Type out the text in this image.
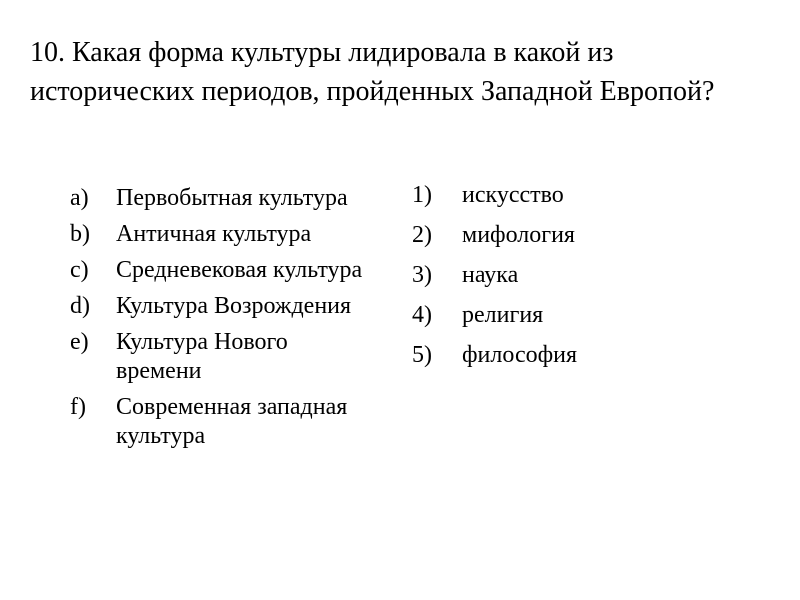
10. Какая форма культуры лидировала в какой из исторических периодов, пройденных Западной Европой?
a)	Первобытная культура
b)	Античная культура
c)	Средневековая культура
d)	Культура Возрождения
e)	Культура Нового времени
f)	Современная западная культура
1)	искусство
2)	мифология
3)	наука
4)	религия
5)	философия
